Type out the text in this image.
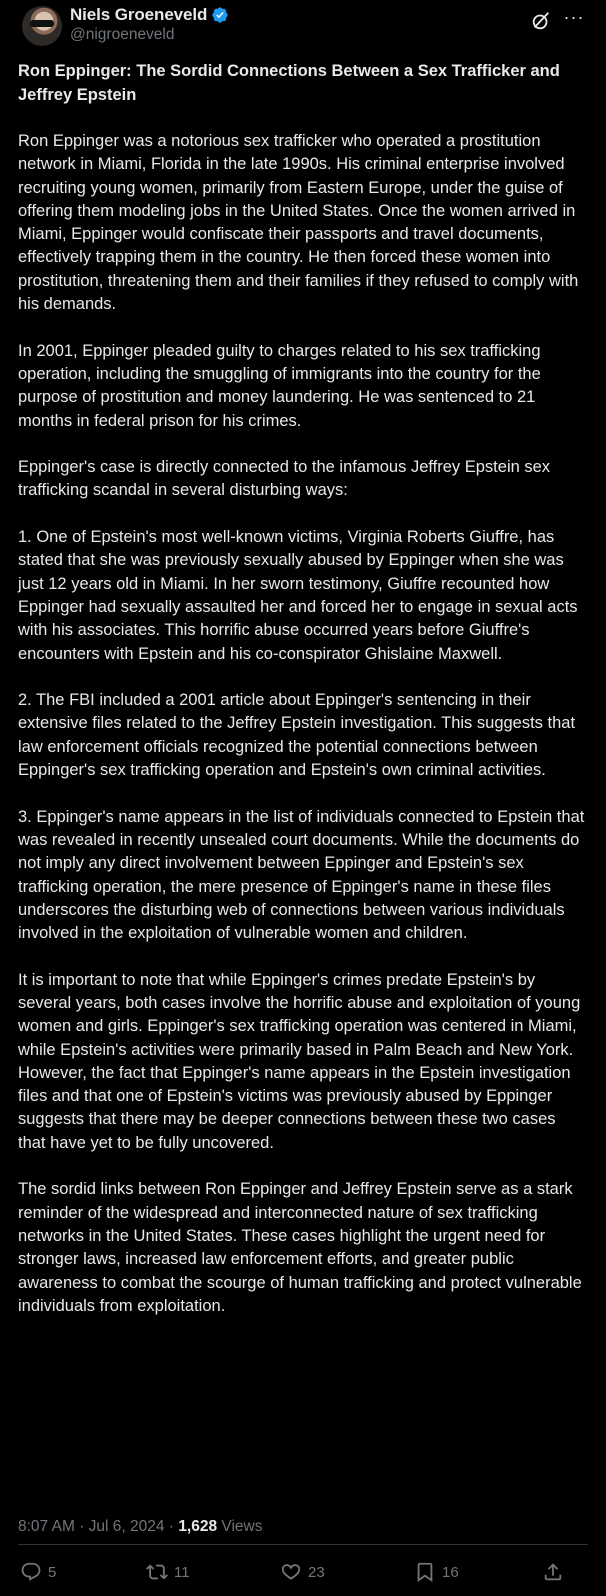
Niels Groeneveld
@nigroeneveld
···
Ron Eppinger: The Sordid Connections Between a Sex Trafficker and Jeffrey Epstein

Ron Eppinger was a notorious sex trafficker who operated a prostitution network in Miami, Florida in the late 1990s. His criminal enterprise involved recruiting young women, primarily from Eastern Europe, under the guise of offering them modeling jobs in the United States. Once the women arrived in Miami, Eppinger would confiscate their passports and travel documents, effectively trapping them in the country. He then forced these women into prostitution, threatening them and their families if they refused to comply with his demands.

In 2001, Eppinger pleaded guilty to charges related to his sex trafficking operation, including the smuggling of immigrants into the country for the purpose of prostitution and money laundering. He was sentenced to 21 months in federal prison for his crimes.

Eppinger's case is directly connected to the infamous Jeffrey Epstein sex trafficking scandal in several disturbing ways:

1. One of Epstein's most well-known victims, Virginia Roberts Giuffre, has stated that she was previously sexually abused by Eppinger when she was just 12 years old in Miami. In her sworn testimony, Giuffre recounted how Eppinger had sexually assaulted her and forced her to engage in sexual acts with his associates. This horrific abuse occurred years before Giuffre's encounters with Epstein and his co-conspirator Ghislaine Maxwell.

2. The FBI included a 2001 article about Eppinger's sentencing in their extensive files related to the Jeffrey Epstein investigation. This suggests that law enforcement officials recognized the potential connections between Eppinger's sex trafficking operation and Epstein's own criminal activities.

3. Eppinger's name appears in the list of individuals connected to Epstein that was revealed in recently unsealed court documents. While the documents do not imply any direct involvement between Eppinger and Epstein's sex trafficking operation, the mere presence of Eppinger's name in these files underscores the disturbing web of connections between various individuals involved in the exploitation of vulnerable women and children.

It is important to note that while Eppinger's crimes predate Epstein's by several years, both cases involve the horrific abuse and exploitation of young women and girls. Eppinger's sex trafficking operation was centered in Miami, while Epstein's activities were primarily based in Palm Beach and New York. However, the fact that Eppinger's name appears in the Epstein investigation files and that one of Epstein's victims was previously abused by Eppinger suggests that there may be deeper connections between these two cases that have yet to be fully uncovered.

The sordid links between Ron Eppinger and Jeffrey Epstein serve as a stark reminder of the widespread and interconnected nature of sex trafficking networks in the United States. These cases highlight the urgent need for stronger laws, increased law enforcement efforts, and greater public awareness to combat the scourge of human trafficking and protect vulnerable individuals from exploitation.

8:07 AM · Jul 6, 2024 · 1,628 Views
5	11	23	16
